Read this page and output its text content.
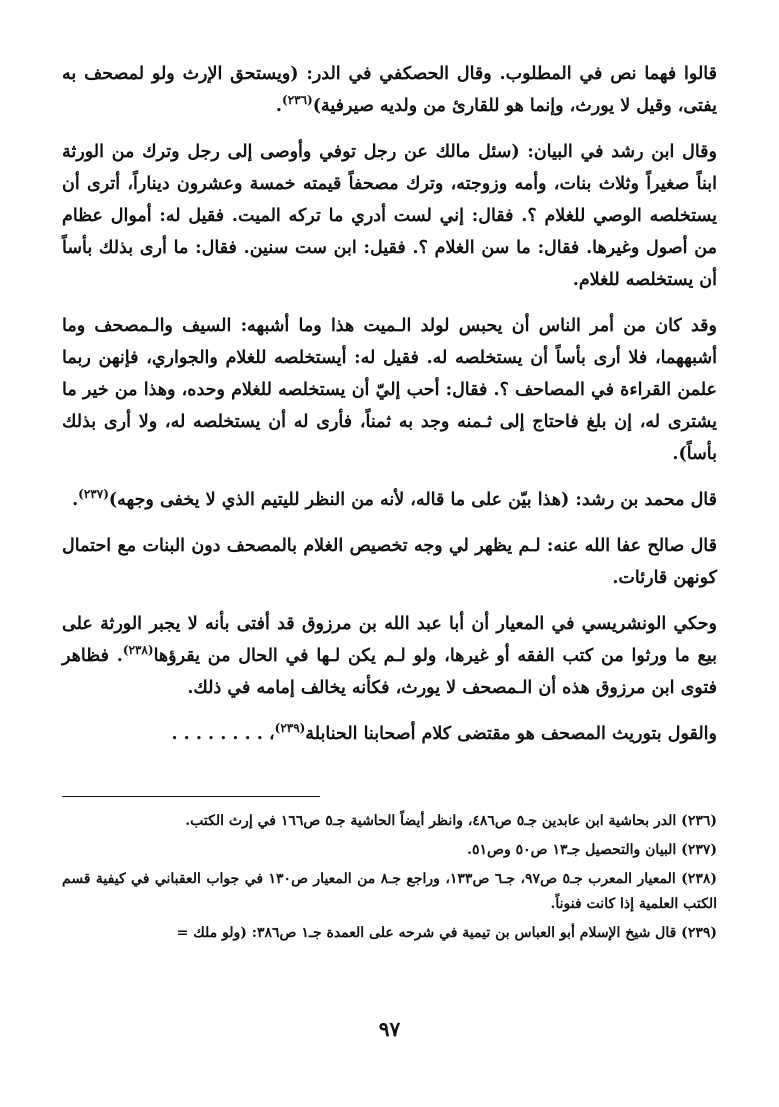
قالوا فهما نص في المطلوب. وقال الحصكفي في الدر: (ويستحق الإرث ولو لمصحف به يفتى، وقيل لا يورث، وإنما هو للقارئ من ولديه صيرفية)$^{(٢٣٦)}$.

وقال ابن رشد في البيان: (سئل مالك عن رجل توفي وأوصى إلى رجل وترك من الورثة ابناً صغيراً وثلاث بنات، وأمه وزوجته، وترك مصحفاً قيمته خمسة وعشرون ديناراً، أترى أن يستخلصه الوصي للغلام ؟. فقال: إني لست أدري ما تركه الميت. فقيل له: أموال عظام من أصول وغيرها. فقال: ما سن الغلام ؟. فقيل: ابن ست سنين. فقال: ما أرى بذلك بأساً أن يستخلصه للغلام.

وقد كان من أمر الناس أن يحبس لولد الـميت هذا وما أشبهه: السيف والـمصحف وما أشبههما، فلا أرى بأساً أن يستخلصه له. فقيل له: أيستخلصه للغلام والجواري، فإنهن ربما علمن القراءة في المصاحف ؟. فقال: أحب إليّ أن يستخلصه للغلام وحده، وهذا من خير ما يشترى له، إن بلغ فاحتاج إلى ثـمنه وجد به ثمناً، فأرى له أن يستخلصه له، ولا أرى بذلك بأساً).

قال محمد بن رشد: (هذا بيّن على ما قاله، لأنه من النظر لليتيم الذي لا يخفى وجهه)$^{(٢٣٧)}$.

قال صالح عفا الله عنه: لـم يظهر لي وجه تخصيص الغلام بالمصحف دون البنات مع احتمال كونهن قارئات.

وحكي الونشريسي في المعيار أن أبا عبد الله بن مرزوق قد أفتى بأنه لا يجبر الورثة على بيع ما ورثوا من كتب الفقه أو غيرها، ولو لـم يكن لـها في الحال من يقرؤها$^{(٢٣٨)}$. فظاهر فتوى ابن مرزوق هذه أن الـمصحف لا يورث، فكأنه يخالف إمامه في ذلك.

والقول بتوريث المصحف هو مقتضى كلام أصحابنا الحنابلة$^{(٢٣٩)}$، . . . . . . . .

(٢٣٦) الدر بحاشية ابن عابدين جـ٥ ص٤٨٦، وانظر أيضاً الحاشية جـ٥ ص١٦٦ في إرث الكتب.

(٢٣٧) البيان والتحصيل جـ١٣ ص٥٠ وص٥١.

(٢٣٨) المعيار المعرب جـ٥ ص٩٧، جـ٦ ص١٣٣، وراجع جـ٨ من المعيار ص١٣٠ في جواب العقباني في كيفية قسم الكتب العلمية إذا كانت فنوناً.

(٢٣٩) قال شيخ الإسلام أبو العباس بن تيمية في شرحه على العمدة جـ١ ص٣٨٦: (ولو ملك =

٩٧
